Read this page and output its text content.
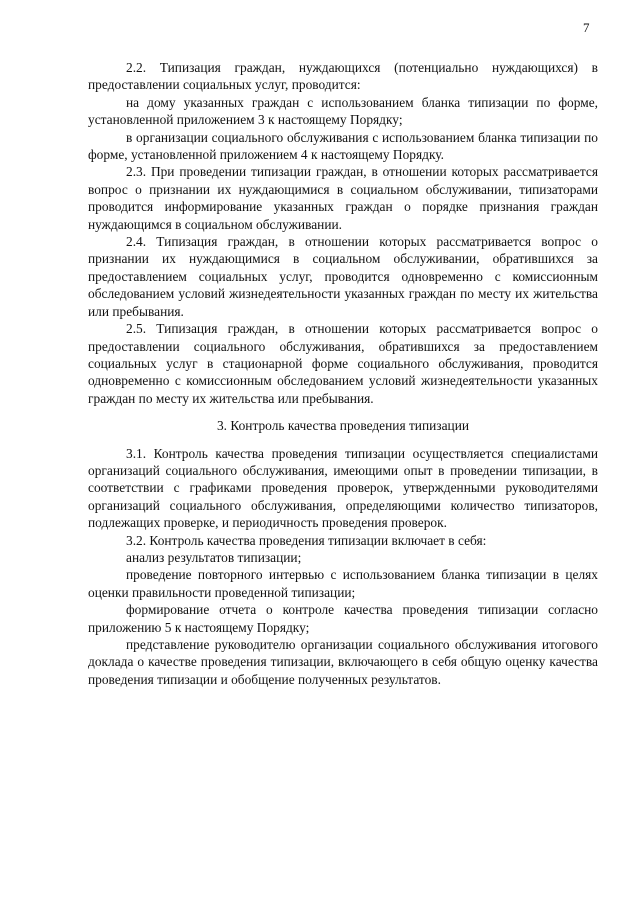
7

2.2. Типизация граждан, нуждающихся (потенциально нуждающихся) в предоставлении социальных услуг, проводится:

на дому указанных граждан с использованием бланка типизации по форме, установленной приложением 3 к настоящему Порядку;

в организации социального обслуживания с использованием бланка типизации по форме, установленной приложением 4 к настоящему Порядку.

2.3. При проведении типизации граждан, в отношении которых рассматривается вопрос о признании их нуждающимися в социальном обслуживании, типизаторами проводится информирование указанных граждан о порядке признания граждан нуждающимся в социальном обслуживании.

2.4. Типизация граждан, в отношении которых рассматривается вопрос о признании их нуждающимися в социальном обслуживании, обратившихся за предоставлением социальных услуг, проводится одновременно с комиссионным обследованием условий жизнедеятельности указанных граждан по месту их жительства или пребывания.

2.5. Типизация граждан, в отношении которых рассматривается вопрос о предоставлении социального обслуживания, обратившихся за предоставлением социальных услуг в стационарной форме социального обслуживания, проводится одновременно с комиссионным обследованием условий жизнедеятельности указанных граждан по месту их жительства или пребывания.

3. Контроль качества проведения типизации

3.1. Контроль качества проведения типизации осуществляется специалистами организаций социального обслуживания, имеющими опыт в проведении типизации, в соответствии с графиками проведения проверок, утвержденными руководителями организаций социального обслуживания, определяющими количество типизаторов, подлежащих проверке, и периодичность проведения проверок.

3.2. Контроль качества проведения типизации включает в себя:

анализ результатов типизации;

проведение повторного интервью с использованием бланка типизации в целях оценки правильности проведенной типизации;

формирование отчета о контроле качества проведения типизации согласно приложению 5 к настоящему Порядку;

представление руководителю организации социального обслуживания итогового доклада о качестве проведения типизации, включающего в себя общую оценку качества проведения типизации и обобщение полученных результатов.
